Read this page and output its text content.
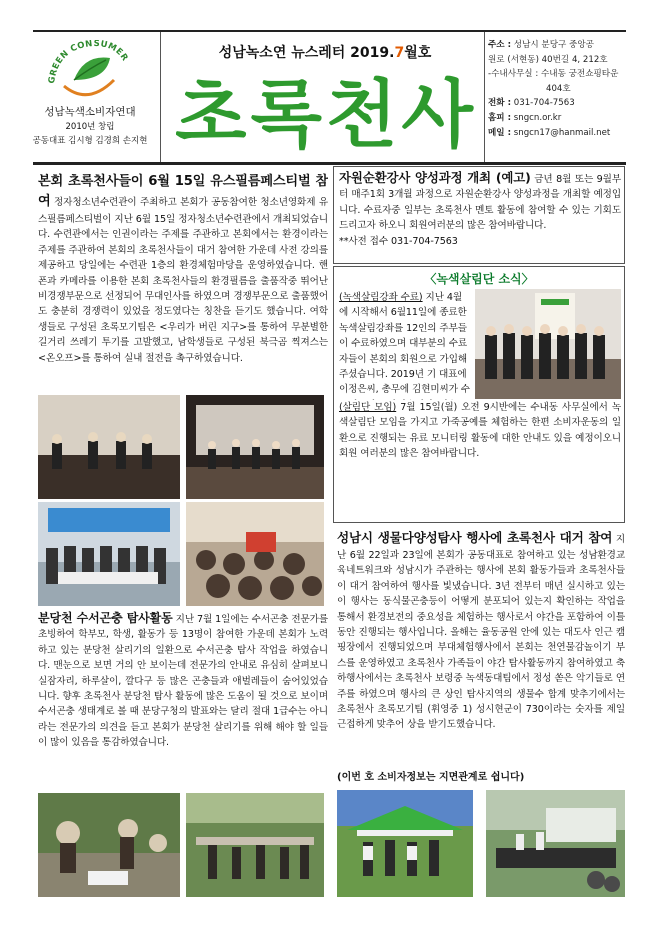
GREEN CONSUMER
성남녹색소비자연대
2010년 창립
공동대표 김시형 김경희 손지현
성남녹소연 뉴스레터 2019.7월호
초록천사
주소 : 성남시 분당구 중앙공
원로 (서현동) 40번길 4, 212호
-수내사무실 : 수내동 궁전쇼핑타운
404호
전화 : 031-704-7563
홈피 : sngcn.or.kr
메일 : sngcn17@hanmail.net
본회 초록천사들이 6월 15일 유스필름페스티벌 참여 정자청소년수련관이 주최하고 본회가 공동참여한 청소년영화제 유스필름페스티벌이 지난 6월 15일 정자청소년수련관에서 개최되었습니다. 수련관에서는 인권이라는 주제를 주관하고 본회에서는 환경이라는 주제를 주관하여 본회의 초록천사들이 대거 참여한 가운데 사전 강의를 제공하고 당일에는 수련관 1층의 환경체험마당을 운영하였습니다. 핸폰과 카메라를 이용한 본회 초록천사들의 환경필름을 출품작중 뛰어난 비경쟁부문으로 선정되어 무대인사를 하였으며 경쟁부문으로 출품했어도 충분히 경쟁력이 있었을 정도였다는 칭찬을 듣기도 했습니다. 여학생들로 구성된 초록모기팀은 <우리가 버린 지구>를 통하여 무분별한 길거리 쓰레기 투기를 고발했고, 남학생들로 구성된 북극곰 찍져스는 <온오프>를 통하여 실내 절전을 촉구하였습니다.
분당천 수서곤충 탐사활동 지난 7월 1일에는 수서곤충 전문가를 초빙하여 학부모, 학생, 활동가 등 13명이 참여한 가운데 본회가 노력하고 있는 분당천 살리기의 일환으로 수서곤충 탐사 작업을 하였습니다. 맨눈으로 보면 거의 안 보이는데 전문가의 안내로 유심히 살펴보니 실잠자리, 하루살이, 깔다구 등 많은 곤충들과 애벌레들이 숨어있었습니다. 향후 초록천사 분당천 탐사 활동에 많은 도움이 될 것으로 보이며 수서곤충 생태계로 볼 때 분당구청의 발표와는 달리 절대 1급수는 아니라는 전문가의 의견을 듣고 본회가 분당천 살리기를 위해 해야 할 일들이 많이 있음을 통감하였습니다.
자원순환강사 양성과정 개최 (예고) 금년 8월 또는 9월부터 매주1회 3개월 과정으로 자원순환강사 양성과정을 개최할 예정입니다. 수료자중 일부는 초록천사 멘토 활동에 참여할 수 있는 기회도 드리고자 하오니 회원여러분의 많은 참여바랍니다.
**사전 접수 031-704-7563
〈녹색살림단 소식〉
(녹색살림강좌 수료) 지난 4월에 시작해서 6월11일에 종료한 녹색살림강좌를 12인의 주부들이 수료하였으며 대부분의 수료자들이 본회의 회원으로 가입해 주셨습니다. 2019년 기 대표에 이정은씨, 총무에 김현미씨가 수
(살림단 모임) 7월 15일(월) 오전 9시반에는 수내동 사무실에서 녹색살림단 모임을 가지고 가죽공예를 체험하는 한편 소비자운동의 일환으로 진행되는 유료 모니터링 활동에 대한 안내도 있을 예정이오니 회원 여러분의 많은 참여바랍니다.
성남시 생물다양성탐사 행사에 초록천사 대거 참여 지난 6월 22일과 23일에 본회가 공동대표로 참여하고 있는 성남환경교육네트워크와 성남시가 주관하는 행사에 본회 활동가들과 초록천사들이 대거 참여하여 행사를 빛냈습니다. 3년 전부터 매년 실시하고 있는 이 행사는 동식물곤충등이 어떻게 분포되어 있는지 확인하는 작업을 통해서 환경보전의 중요성을 체험하는 행사로서 야간을 포함하여 이틀 동안 진행되는 행사입니다. 올해는 율동공원 안에 있는 대도사 인근 캠핑장에서 진행되었으며 부대체험행사에서 본회는 천연물감놀이기 부스를 운영하였고 초록천사 가족들이 야간 탐사활동까지 참여하였고 축하행사에서는 초록천사 보령중 녹색동대팀에서 정성 쏟은 악기들로 연주를 하였으며 행사의 큰 상인 탐사지역의 생물수 합계 맞추기에서는 초록천사 초록모기팀 (휘영중 1) 성시현군이 730이라는 숫자를 제일 근접하게 맞추어 상을 받기도했습니다.
(이번 호 소비자정보는 지면관계로 쉽니다)
